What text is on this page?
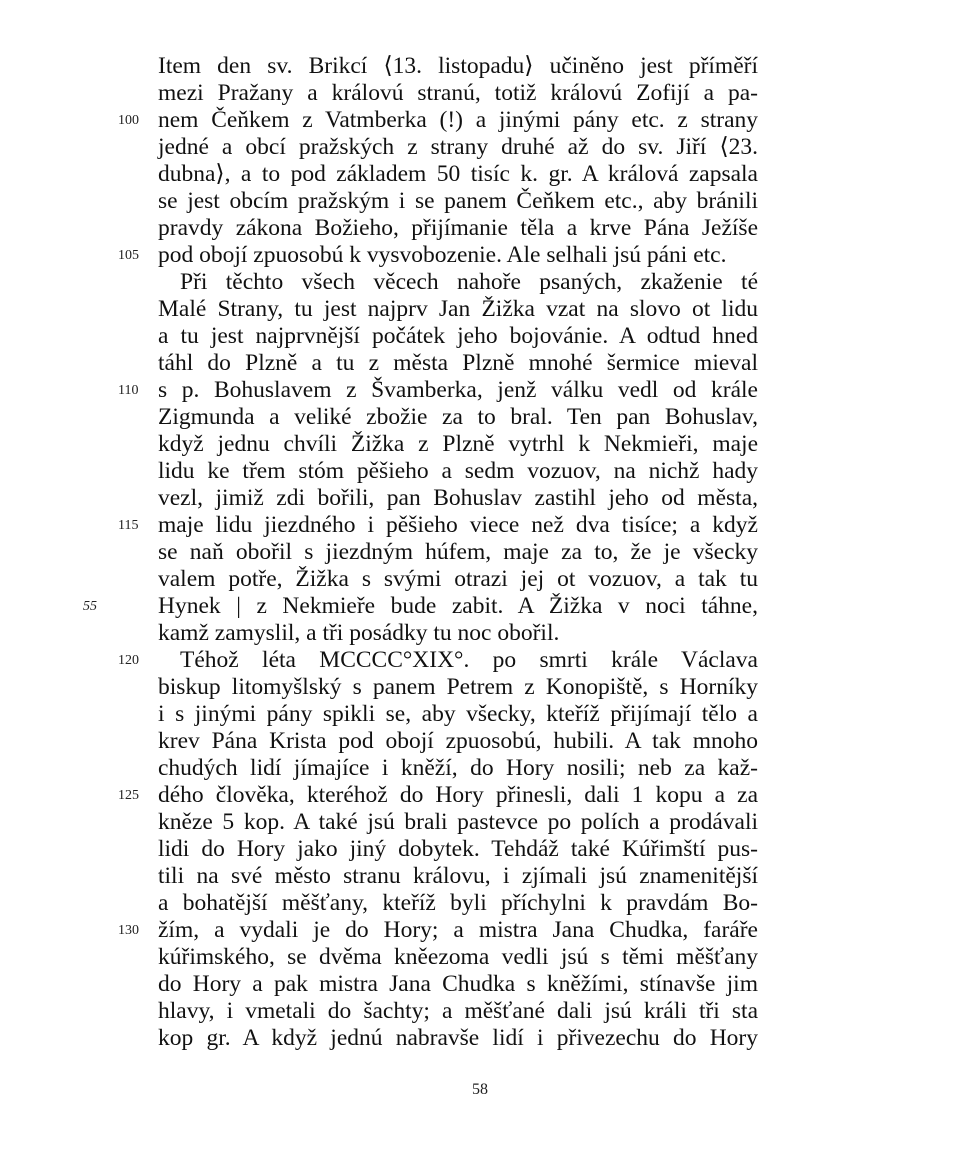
Item den sv. Brikcí ⟨13. listopadu⟩ učiněno jest příměří
mezi Pražany a královú stranú, totiž královú Zofijí a pa-
nem Čeňkem z Vatmberka (!) a jinými pány etc. z strany
jedné a obcí pražských z strany druhé až do sv. Jiří ⟨23.
dubna⟩, a to pod základem 50 tisíc k. gr. A králová zapsala
se jest obcím pražským i se panem Čeňkem etc., aby bránili
pravdy zákona Božieho, přijímanie těla a krve Pána Ježíše
pod obojí zpuosobú k vysvobozenie. Ale selhali jsú páni etc.
Při těchto všech věcech nahoře psaných, zkaženie té
Malé Strany, tu jest najprv Jan Žižka vzat na slovo ot lidu
a tu jest najprvnější počátek jeho bojovánie. A odtud hned
táhl do Plzně a tu z města Plzně mnohé šermice mieval
s p. Bohuslavem z Švamberka, jenž válku vedl od krále
Zigmunda a veliké zbožie za to bral. Ten pan Bohuslav,
když jednu chvíli Žižka z Plzně vytrhl k Nekmieři, maje
lidu ke třem stóm pěšieho a sedm vozuov, na nichž hady
vezl, jimiž zdi bořili, pan Bohuslav zastihl jeho od města,
maje lidu jiezdného i pěšieho viece než dva tisíce; a když
se naň obořil s jiezdným húfem, maje za to, že je všecky
valem potře, Žižka s svými otrazi jej ot vozuov, a tak tu
Hynek | z Nekmieře bude zabit. A Žižka v noci táhne,
kamž zamyslil, a tři posádky tu noc obořil.
Téhož léta MCCCC°XIX°. po smrti krále Václava
biskup litomyšlský s panem Petrem z Konopiště, s Horníky
i s jinými pány spikli se, aby všecky, kteříž přijímají tělo a
krev Pána Krista pod obojí zpuosobú, hubili. A tak mnoho
chudých lidí jímajíce i kněží, do Hory nosili; neb za kaž-
dého člověka, kteréhož do Hory přinesli, dali 1 kopu a za
kněze 5 kop. A také jsú brali pastevce po polích a prodávali
lidi do Hory jako jiný dobytek. Tehdáž také Kúřimští pus-
tili na své město stranu královu, i zjímali jsú znamenitější
a bohatější měšťany, kteříž byli příchylni k pravdám Bo-
žím, a vydali je do Hory; a mistra Jana Chudka, faráře
kúřimského, se dvěma kněezoma vedli jsú s těmi měšťany
do Hory a pak mistra Jana Chudka s kněžími, stínavše jim
hlavy, i vmetali do šachty; a měšťané dali jsú králi tři sta
kop gr. A když jednú nabravše lidí i přivezechu do Hory
100
105
110
115
120
125
130
55
58
